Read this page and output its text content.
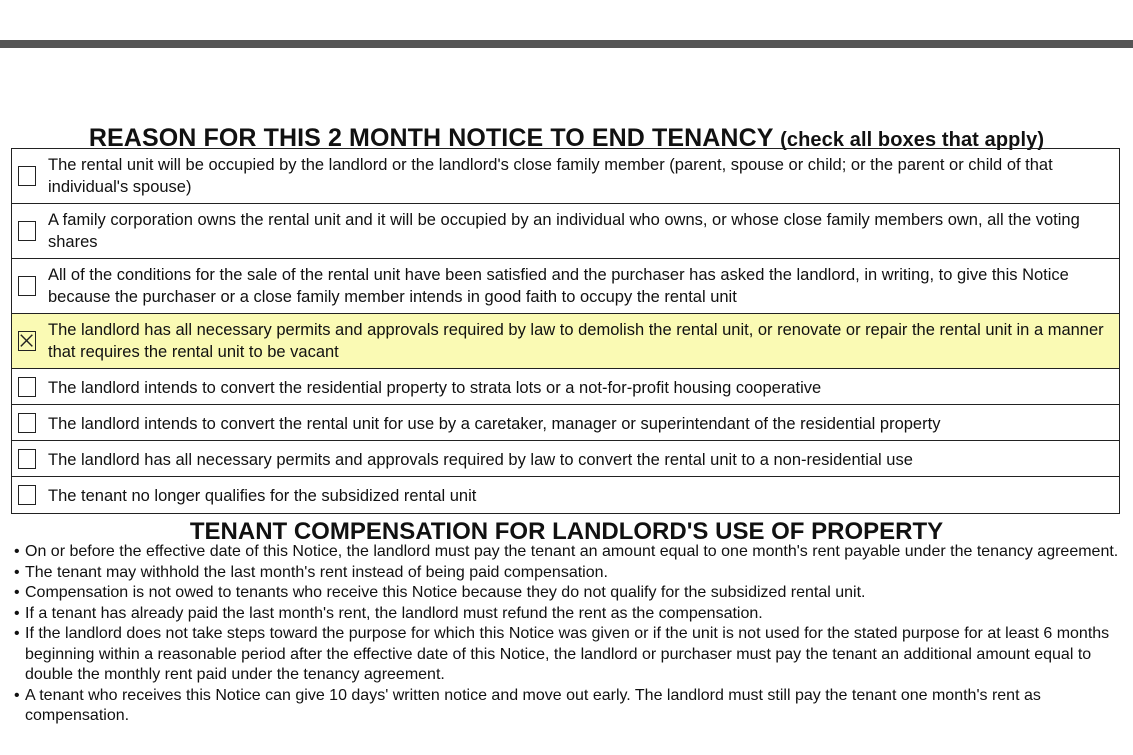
REASON FOR THIS 2 MONTH NOTICE TO END TENANCY (check all boxes that apply)
The rental unit will be occupied by the landlord or the landlord's close family member (parent, spouse or child; or the parent or child of that individual's spouse)
A family corporation owns the rental unit and it will be occupied by an individual who owns, or whose close family members own, all the voting shares
All of the conditions for the sale of the rental unit have been satisfied and the purchaser has asked the landlord, in writing, to give this Notice because the purchaser or a close family member intends in good faith to occupy the rental unit
The landlord has all necessary permits and approvals required by law to demolish the rental unit, or renovate or repair the rental unit in a manner that requires the rental unit to be vacant
The landlord intends to convert the residential property to strata lots or a not-for-profit housing cooperative
The landlord intends to convert the rental unit for use by a caretaker, manager or superintendant of the residential property
The landlord has all necessary permits and approvals required by law to convert the rental unit to a non-residential use
The tenant no longer qualifies for the subsidized rental unit
TENANT COMPENSATION FOR LANDLORD'S USE OF PROPERTY
• On or before the effective date of this Notice, the landlord must pay the tenant an amount equal to one month's rent payable under the tenancy agreement.
• The tenant may withhold the last month's rent instead of being paid compensation.
• Compensation is not owed to tenants who receive this Notice because they do not qualify for the subsidized rental unit.
• If a tenant has already paid the last month's rent, the landlord must refund the rent as the compensation.
• If the landlord does not take steps toward the purpose for which this Notice was given or if the unit is not used for the stated purpose for at least 6 months beginning within a reasonable period after the effective date of this Notice, the landlord or purchaser must pay the tenant an additional amount equal to double the monthly rent paid under the tenancy agreement.
• A tenant who receives this Notice can give 10 days' written notice and move out early. The landlord must still pay the tenant one month's rent as compensation.
